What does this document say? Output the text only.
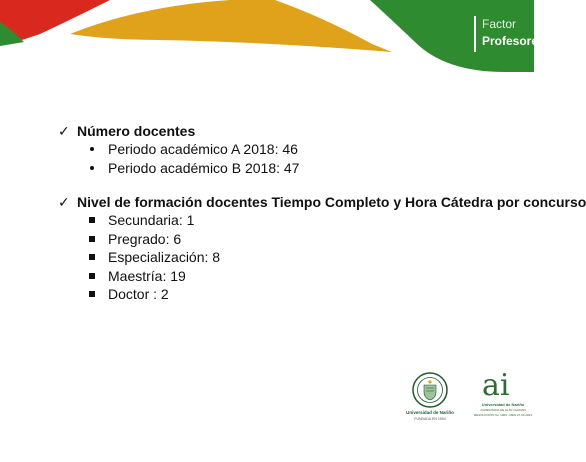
Factor
Profesores
✓ Número docentes
Periodo académico A 2018: 46
Periodo académico B 2018: 47
✓ Nivel de formación docentes Tiempo Completo y Hora Cátedra por concurso
Secundaria: 1
Pregrado: 6
Especialización: 8
Maestría: 19
Doctor : 2
Universidad de Nariño
FUNDADA EN 1904
ai
Universidad de Nariño
ACREDITADA DE ALTA CALIDAD
RESOLUCIÓN No. 1964 - MEN 27.06.2023
